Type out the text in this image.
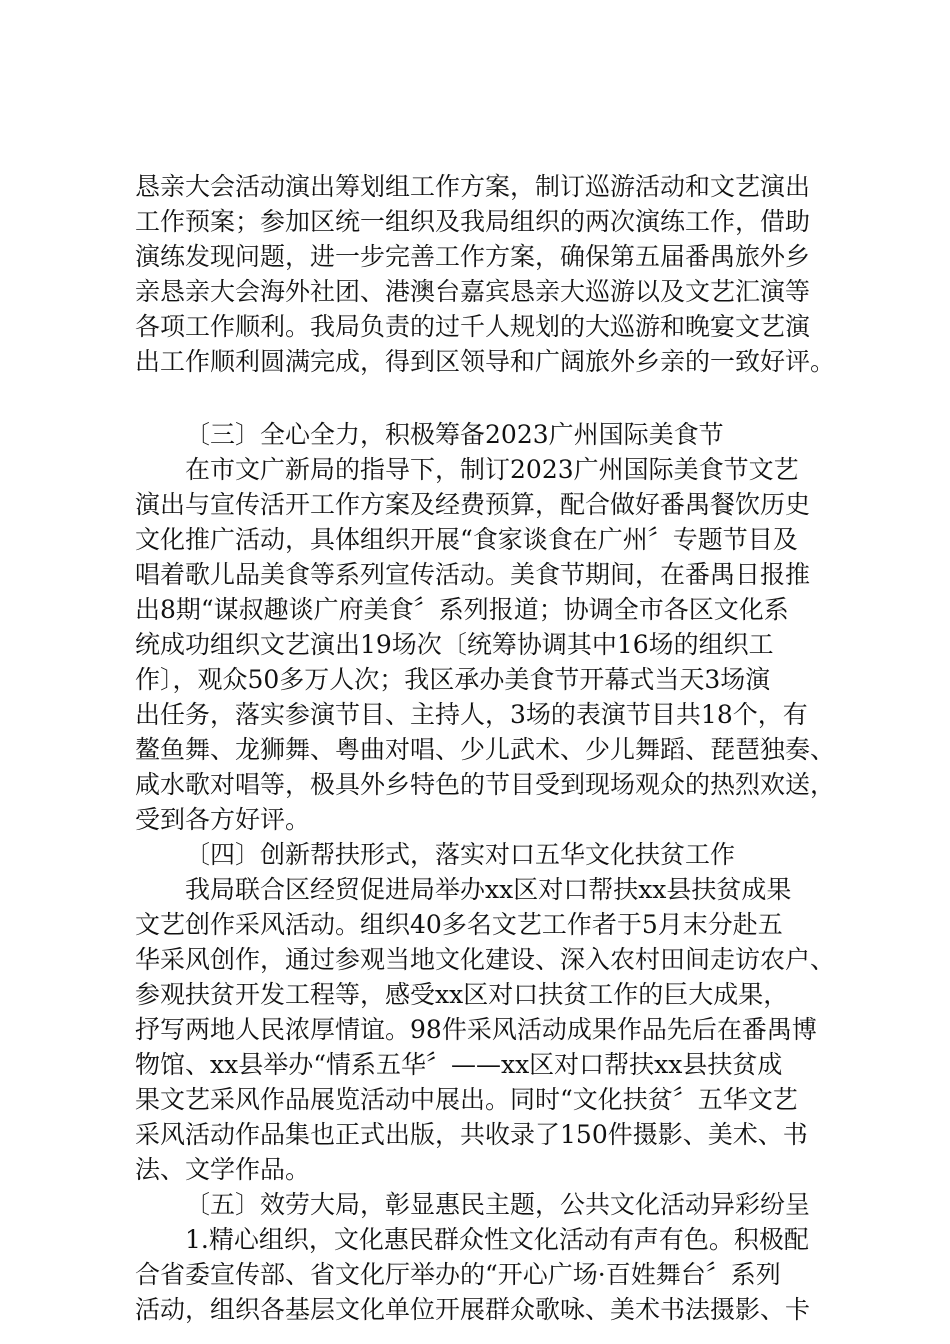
恳亲大会活动演出筹划组工作方案，制订巡游活动和文艺演出
工作预案；参加区统一组织及我局组织的两次演练工作，借助
演练发现问题，进一步完善工作方案，确保第五届番禺旅外乡
亲恳亲大会海外社团、港澳台嘉宾恳亲大巡游以及文艺汇演等
各项工作顺利。我局负责的过千人规划的大巡游和晚宴文艺演
出工作顺利圆满完成，得到区领导和广阔旅外乡亲的一致好评。
〔三〕全心全力，积极筹备2023广州国际美食节
在市文广新局的指导下，制订2023广州国际美食节文艺
演出与宣传活开工作方案及经费预算，配合做好番禺餐饮历史
文化推广活动，具体组织开展“食家谈食在广州〞专题节目及
唱着歌儿品美食等系列宣传活动。美食节期间，在番禺日报推
出8期“谋叔趣谈广府美食〞系列报道；协调全市各区文化系
统成功组织文艺演出19场次〔统筹协调其中16场的组织工
作〕，观众50多万人次；我区承办美食节开幕式当天3场演
出任务，落实参演节目、主持人，3场的表演节目共18个，有
鳌鱼舞、龙狮舞、粤曲对唱、少儿武术、少儿舞蹈、琵琶独奏、
咸水歌对唱等，极具外乡特色的节目受到现场观众的热烈欢送，
受到各方好评。
〔四〕创新帮扶形式，落实对口五华文化扶贫工作
我局联合区经贸促进局举办xx区对口帮扶xx县扶贫成果
文艺创作采风活动。组织40多名文艺工作者于5月末分赴五
华采风创作，通过参观当地文化建设、深入农村田间走访农户、
参观扶贫开发工程等，感受xx区对口扶贫工作的巨大成果，
抒写两地人民浓厚情谊。98件采风活动成果作品先后在番禺博
物馆、xx县举办“情系五华〞——xx区对口帮扶xx县扶贫成
果文艺采风作品展览活动中展出。同时“文化扶贫〞五华文艺
采风活动作品集也正式出版，共收录了150件摄影、美术、书
法、文学作品。
〔五〕效劳大局，彰显惠民主题，公共文化活动异彩纷呈
1.精心组织，文化惠民群众性文化活动有声有色。积极配
合省委宣传部、省文化厅举办的“开心广场·百姓舞台〞系列
活动，组织各基层文化单位开展群众歌咏、美术书法摄影、卡
